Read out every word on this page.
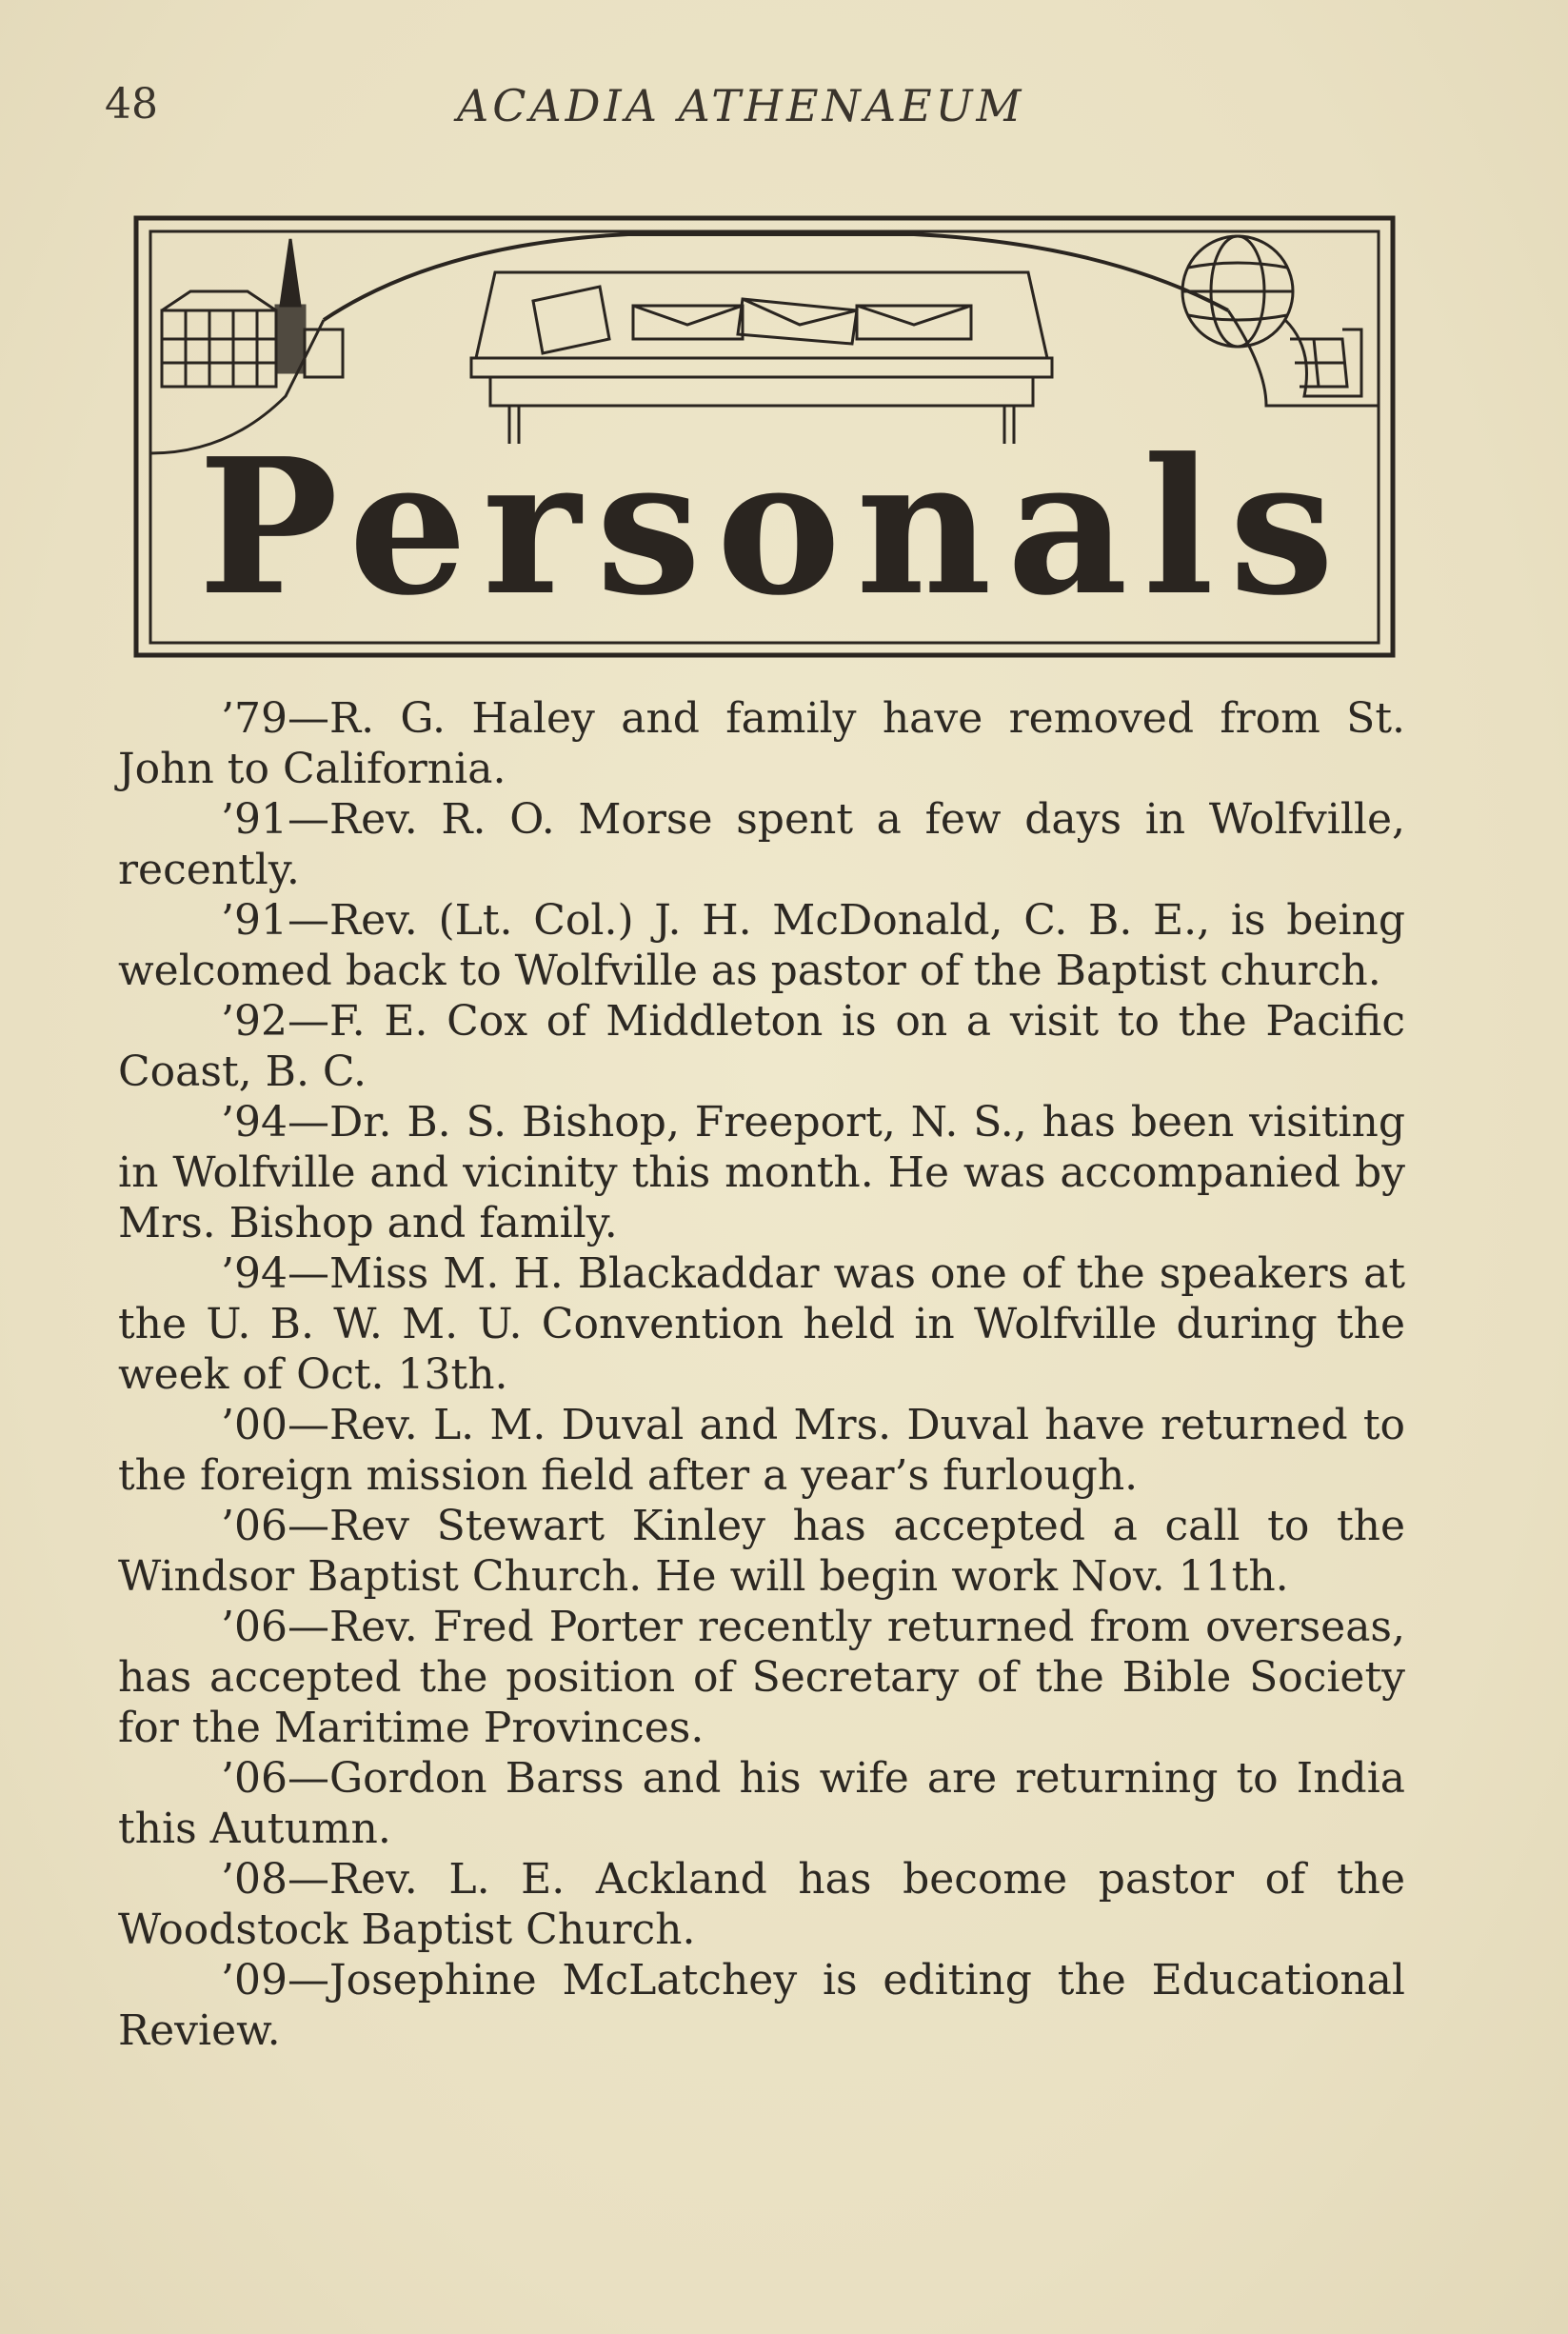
48	ACADIA ATHENAEUM
Personals

’79—R. G. Haley and family have removed from St. John to California.

’91—Rev. R. O. Morse spent a few days in Wolfville, recently.

’91—Rev. (Lt. Col.) J. H. McDonald, C. B. E., is being welcomed back to Wolfville as pastor of the Baptist church.

’92—F. E. Cox of Middleton is on a visit to the Pacific Coast, B. C.

’94—Dr. B. S. Bishop, Freeport, N. S., has been visiting in Wolfville and vicinity this month. He was accompanied by Mrs. Bishop and family.

’94—Miss M. H. Blackaddar was one of the speakers at the U. B. W. M. U. Convention held in Wolfville during the week of Oct. 13th.

’00—Rev. L. M. Duval and Mrs. Duval have returned to the foreign mission field after a year’s furlough.

’06—Rev Stewart Kinley has accepted a call to the Windsor Baptist Church. He will begin work Nov. 11th.

’06—Rev. Fred Porter recently returned from overseas, has accepted the position of Secretary of the Bible Society for the Maritime Provinces.

’06—Gordon Barss and his wife are returning to India this Autumn.

’08—Rev. L. E. Ackland has become pastor of the Woodstock Baptist Church.

’09—Josephine McLatchey is editing the Educational Review.
